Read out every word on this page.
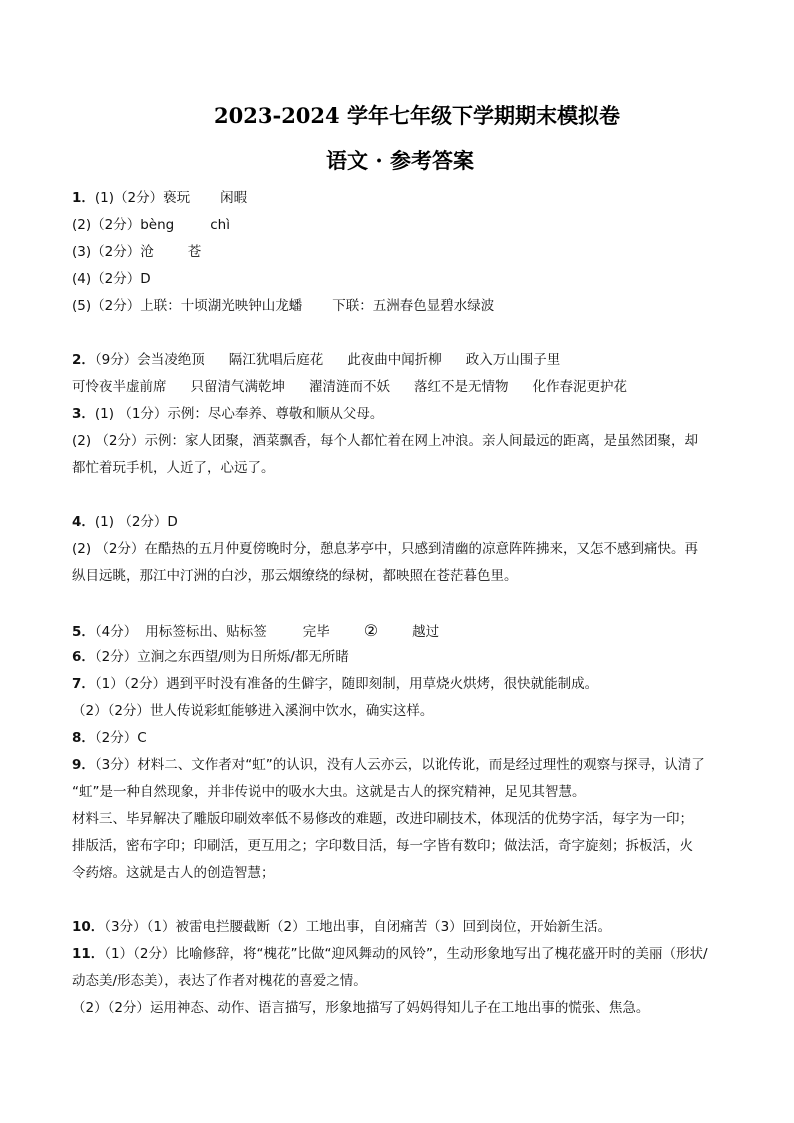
2023-2024 学年七年级下学期期末模拟卷
语文 · 参考答案
1．(1)（2分）亵玩 闲暇
(2)（2分）bèng	chì
(3)（2分）沧	苍
(4)（2分）D
(5)（2分）上联：十顷湖光映钟山龙蟠 下联：五洲春色显碧水绿波
2．（9分）会当凌绝顶 隔江犹唱后庭花 此夜曲中闻折柳 政入万山围子里
可怜夜半虚前席 只留清气满乾坤 濯清涟而不妖 落红不是无情物 化作春泥更护花
3．(1) （1分）示例：尽心奉养、尊敬和顺从父母。
(2) （2分）示例：家人团聚，酒菜飘香，每个人都忙着在网上冲浪。亲人间最远的距离，是虽然团聚，却
都忙着玩手机，人近了，心远了。
4．(1) （2分）D
(2) （2分）在酷热的五月仲夏傍晚时分，憩息茅亭中，只感到清幽的凉意阵阵拂来，又怎不感到痛快。再
纵目远眺，那江中汀洲的白沙，那云烟缭绕的绿树，都映照在苍茫暮色里。
5．（4分） 用标签标出、贴标签	完毕 ②	越过
6．（2分）立涧之东西望/则为日所烁/都无所睹
7．（1）（2分）遇到平时没有准备的生僻字，随即刻制，用草烧火烘烤，很快就能制成。
（2）（2分）世人传说彩虹能够进入溪涧中饮水，确实这样。
8．（2分）C
9．（3分）材料二、文作者对“虹”的认识，没有人云亦云，以讹传讹，而是经过理性的观察与探寻，认清了
“虹”是一种自然现象，并非传说中的吸水大虫。这就是古人的探究精神，足见其智慧。
材料三、毕昇解决了雕版印刷效率低不易修改的难题，改进印刷技术，体现活的优势字活，每字为一印；
排版活，密布字印；印刷活，更互用之；字印数目活，每一字皆有数印；做法活，奇字旋刻；拆板活，火
令药熔。这就是古人的创造智慧；
10．（3分）（1）被雷电拦腰截断（2）工地出事，自闭痛苦（3）回到岗位，开始新生活。
11．（1）（2分）比喻修辞，将“槐花”比做“迎风舞动的风铃”，生动形象地写出了槐花盛开时的美丽（形状/
动态美/形态美），表达了作者对槐花的喜爱之情。
（2）（2分）运用神态、动作、语言描写，形象地描写了妈妈得知儿子在工地出事的慌张、焦急。
